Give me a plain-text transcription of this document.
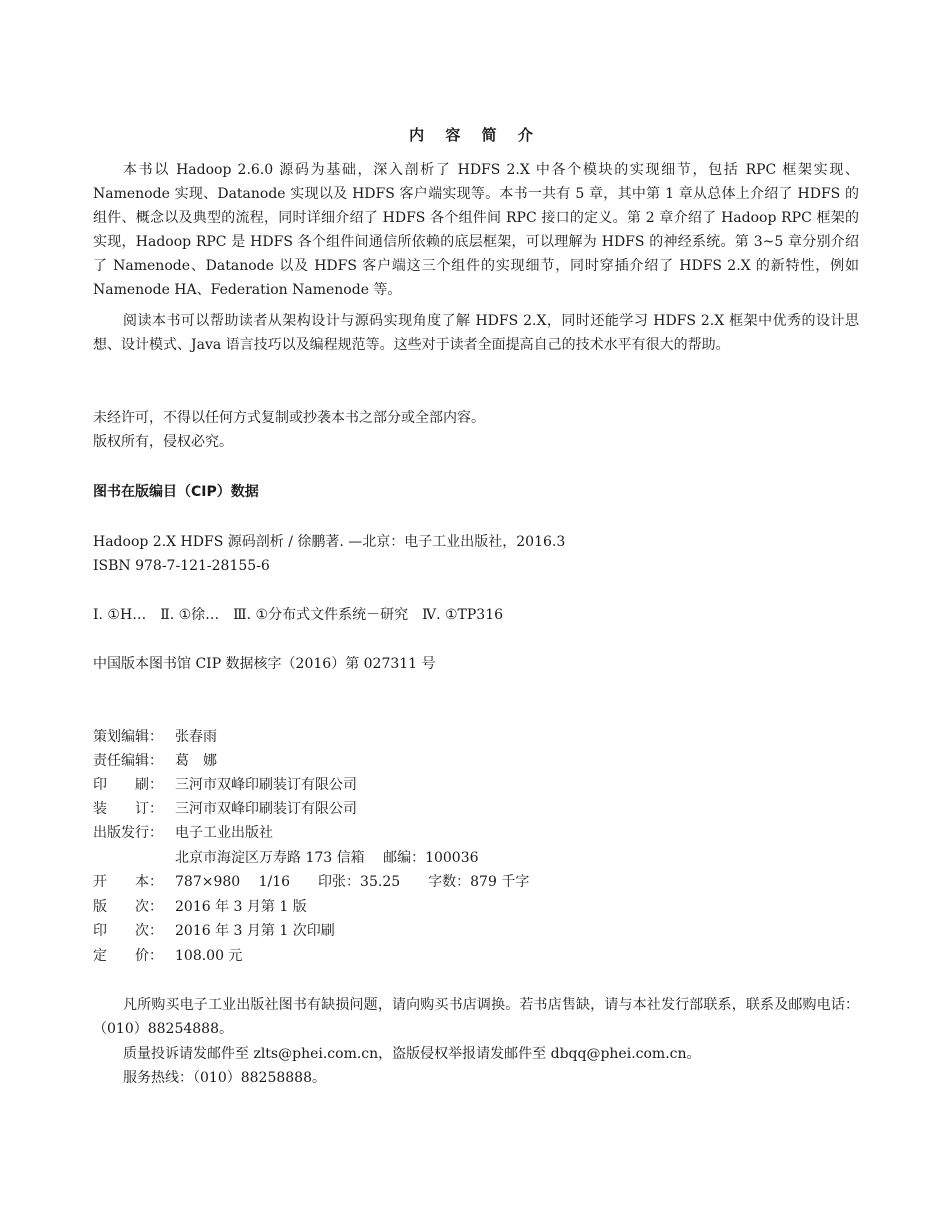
内 容 简 介

本书以 Hadoop 2.6.0 源码为基础，深入剖析了 HDFS 2.X 中各个模块的实现细节，包括 RPC 框架实现、Namenode 实现、Datanode 实现以及 HDFS 客户端实现等。本书一共有 5 章，其中第 1 章从总体上介绍了 HDFS 的组件、概念以及典型的流程，同时详细介绍了 HDFS 各个组件间 RPC 接口的定义。第 2 章介绍了 Hadoop RPC 框架的实现，Hadoop RPC 是 HDFS 各个组件间通信所依赖的底层框架，可以理解为 HDFS 的神经系统。第 3~5 章分别介绍了 Namenode、Datanode 以及 HDFS 客户端这三个组件的实现细节，同时穿插介绍了 HDFS 2.X 的新特性，例如 Namenode HA、Federation Namenode 等。

阅读本书可以帮助读者从架构设计与源码实现角度了解 HDFS 2.X，同时还能学习 HDFS 2.X 框架中优秀的设计思想、设计模式、Java 语言技巧以及编程规范等。这些对于读者全面提高自己的技术水平有很大的帮助。

未经许可，不得以任何方式复制或抄袭本书之部分或全部内容。
版权所有，侵权必究。
图书在版编目（CIP）数据
Hadoop 2.X HDFS 源码剖析 / 徐鹏著. —北京：电子工业出版社，2016.3
ISBN 978-7-121-28155-6
Ⅰ. ①H…　Ⅱ. ①徐…　Ⅲ. ①分布式文件系统－研究　Ⅳ. ①TP316
中国版本图书馆 CIP 数据核字（2016）第 027311 号
策划编辑： 张春雨
责任编辑： 葛　娜
印　　刷： 三河市双峰印刷装订有限公司
装　　订： 三河市双峰印刷装订有限公司
出版发行： 电子工业出版社
北京市海淀区万寿路 173 信箱　 邮编：100036
开　　本： 787×980　 1/16　　印张：35.25　　字数：879 千字
版　　次： 2016 年 3 月第 1 版
印　　次： 2016 年 3 月第 1 次印刷
定　　价： 108.00 元

凡所购买电子工业出版社图书有缺损问题，请向购买书店调换。若书店售缺，请与本社发行部联系，联系及邮购电话：（010）88254888。

质量投诉请发邮件至 zlts@phei.com.cn，盗版侵权举报请发邮件至 dbqq@phei.com.cn。
服务热线：（010）88258888。
